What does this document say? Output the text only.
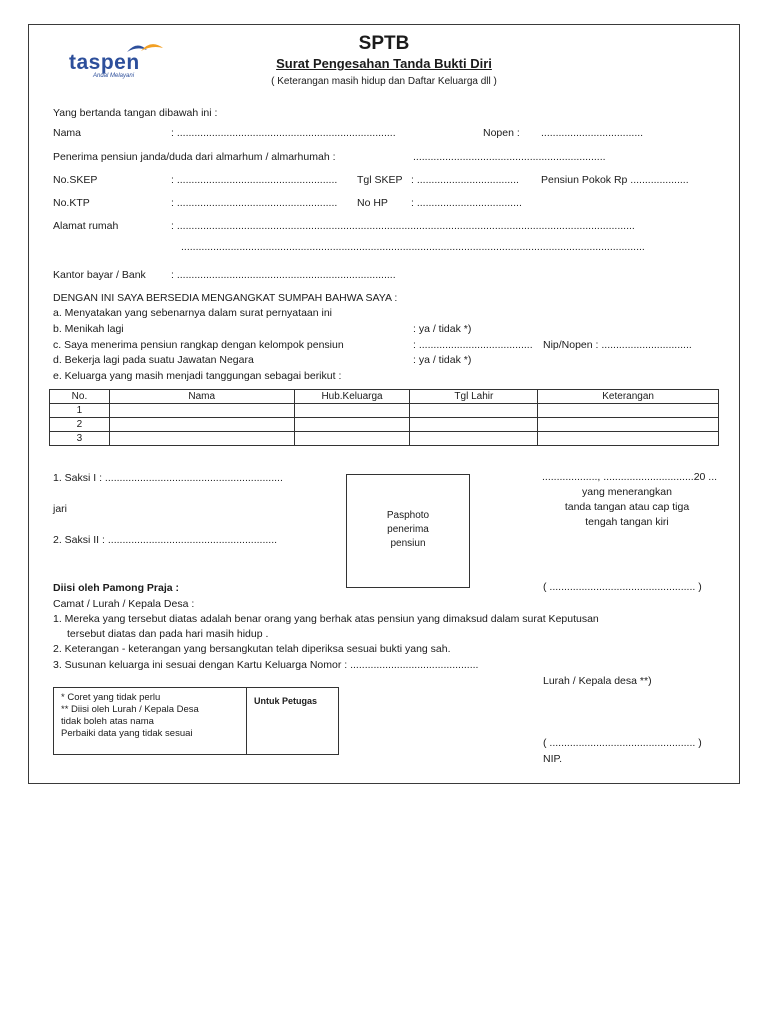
taspen
Andal Melayani
SPTB
Surat Pengesahan Tanda Bukti Diri
( Keterangan masih hidup dan Daftar Keluarga dll )
Yang bertanda tangan dibawah ini :
Nama	: ...........................................................................	Nopen : ...................................
Penerima pensiun janda/duda dari almarhum / almarhumah :	..................................................................
No.SKEP	: ....................................................... Tgl SKEP : ................................... Pensiun Pokok Rp ....................
No.KTP	: ....................................................... No HP : ....................................
Alamat rumah	: .............................................................................................................................................................
...............................................................................................................................................................
Kantor bayar / Bank : ...........................................................................
DENGAN INI SAYA BERSEDIA MENGANGKAT SUMPAH BAHWA SAYA :
a. Menyatakan yang sebenarnya dalam surat pernyataan ini
b. Menikah lagi	: ya / tidak *)
c. Saya menerima pensiun rangkap dengan kelompok pensiun	: ....................................... Nip/Nopen : ...............................
d. Bekerja lagi pada suatu Jawatan Negara	: ya / tidak *)
e. Keluarga yang masih menjadi tanggungan sebagai berikut :
No.	Nama	Hub.Keluarga	Tgl Lahir	Keterangan
1				
2				
3				
1. Saksi I : .............................................................
jari
2. Saksi II : ..........................................................
Pasphoto
penerima
pensiun
..................., ...............................20 ...
yang menerangkan
tanda tangan atau cap tiga
tengah tangan kiri
Diisi oleh Pamong Praja :	( .................................................. )
Camat / Lurah / Kepala Desa :
1. Mereka yang tersebut diatas adalah benar orang yang berhak atas pensiun yang dimaksud dalam surat Keputusan
tersebut diatas dan pada hari masih hidup .
2. Keterangan - keterangan yang bersangkutan telah diperiksa sesuai bukti yang sah.
3. Susunan keluarga ini sesuai dengan Kartu Keluarga Nomor : ............................................
Lurah / Kepala desa **)
* Coret yang tidak perlu
** Diisi oleh Lurah / Kepala Desa
tidak boleh atas nama
Perbaiki data yang tidak sesuai
Untuk Petugas
( .................................................. )
NIP.
